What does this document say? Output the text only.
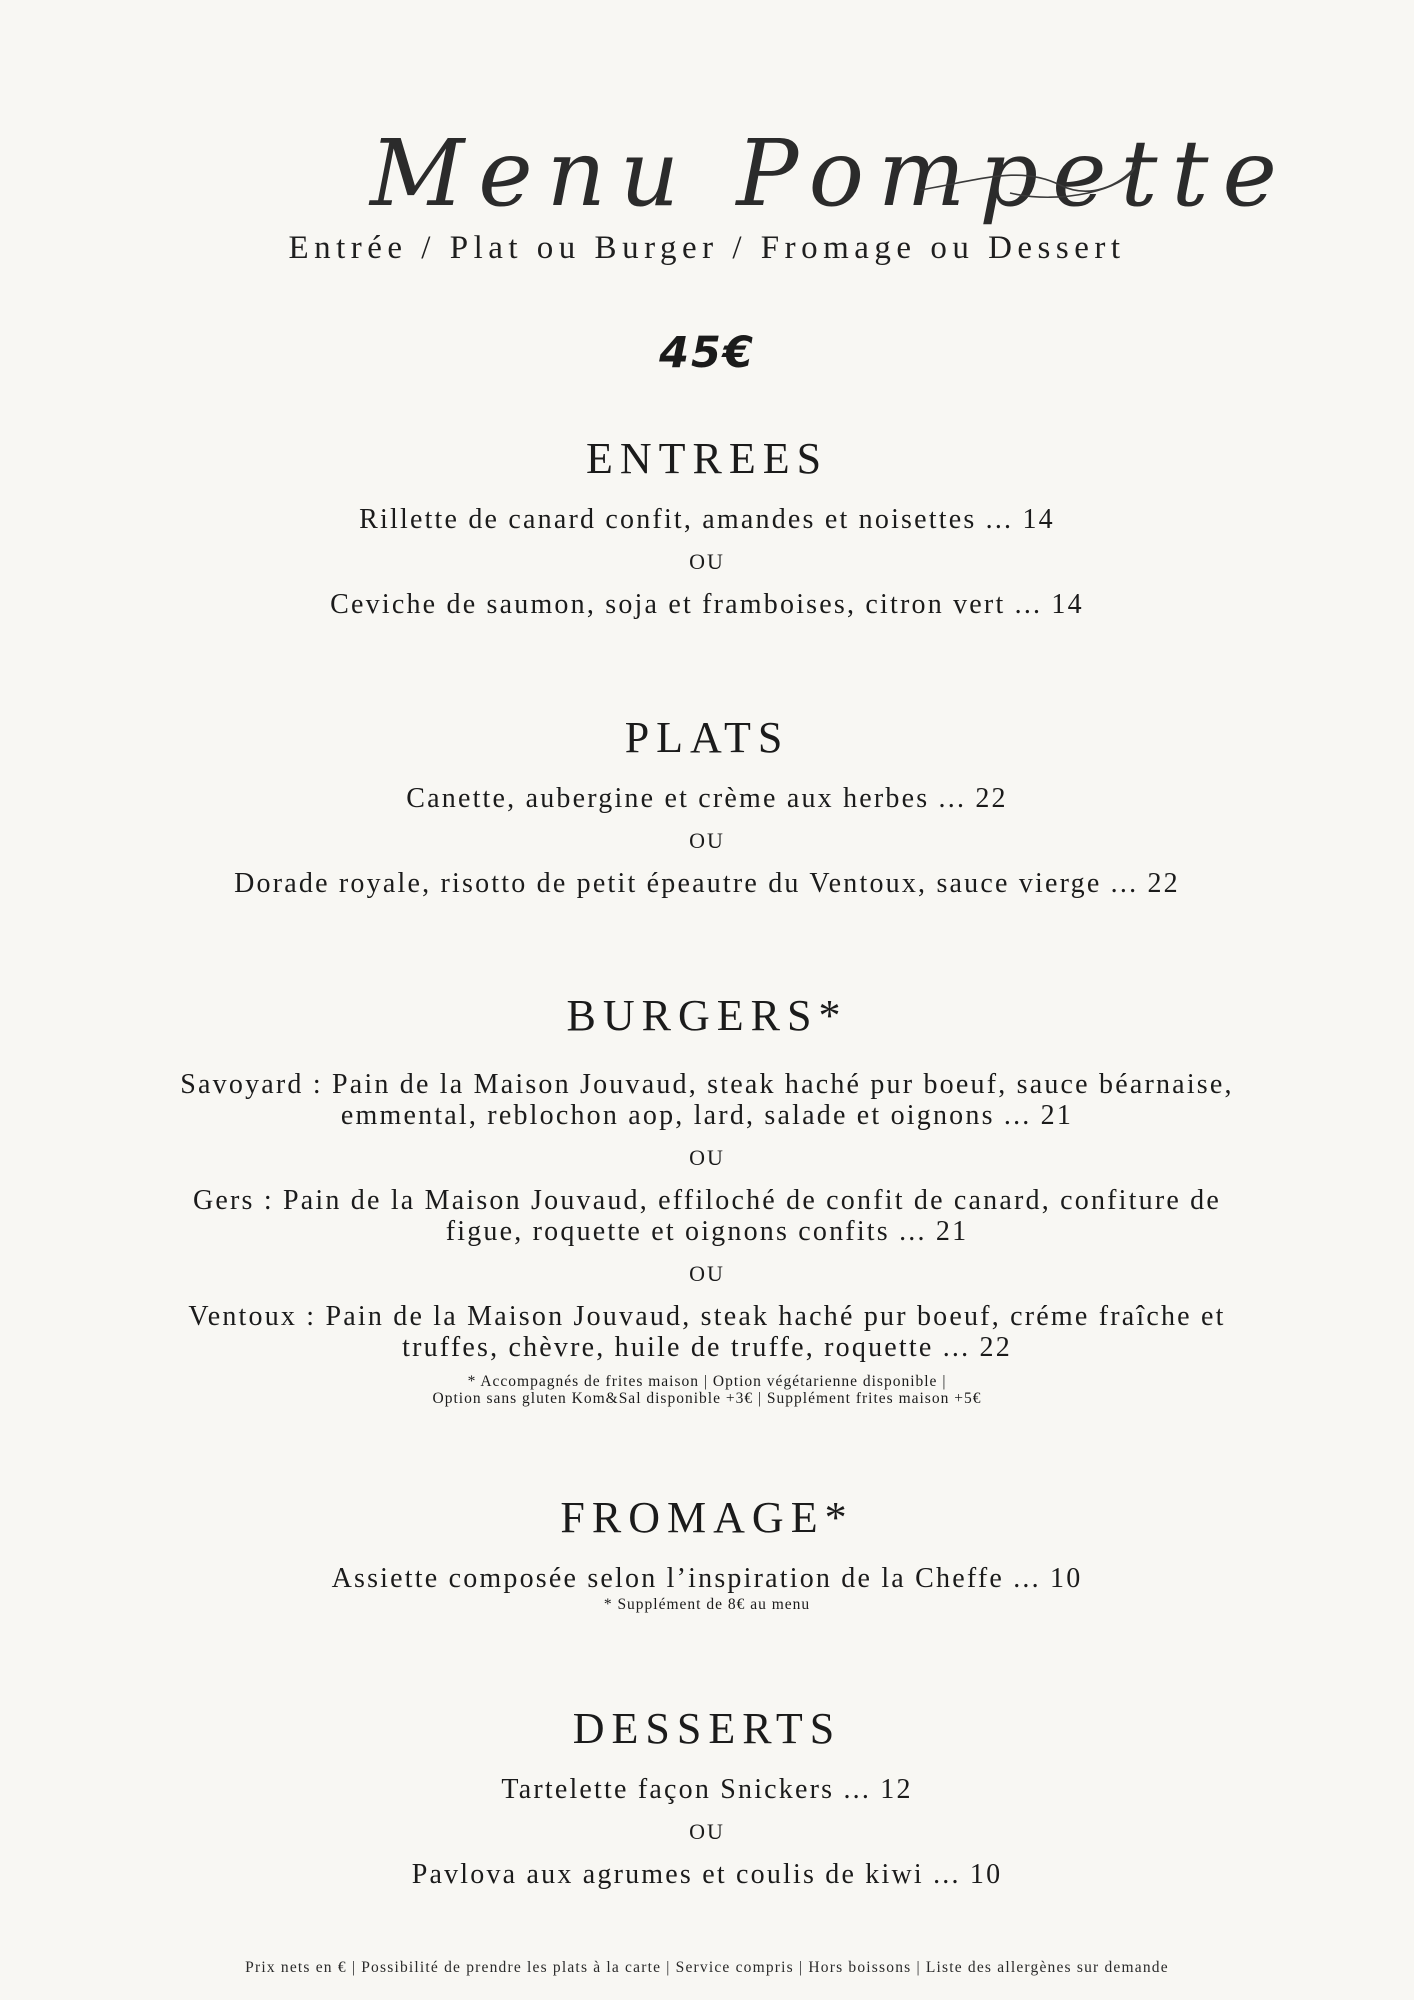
Menu Pompette
Entrée / Plat ou Burger / Fromage ou Dessert
45€
ENTREES
Rillette de canard confit, amandes et noisettes ... 14
OU
Ceviche de saumon, soja et framboises, citron vert ... 14
PLATS
Canette, aubergine et crème aux herbes ... 22
OU
Dorade royale, risotto de petit épeautre du Ventoux, sauce vierge ... 22
BURGERS*
Savoyard : Pain de la Maison Jouvaud, steak haché pur boeuf, sauce béarnaise, emmental, reblochon aop, lard, salade et oignons ... 21
OU
Gers : Pain de la Maison Jouvaud, effiloché de confit de canard, confiture de figue, roquette et oignons confits ... 21
OU
Ventoux : Pain de la Maison Jouvaud, steak haché pur boeuf, créme fraîche et truffes, chèvre, huile de truffe, roquette ... 22
* Accompagnés de frites maison | Option végétarienne disponible |
Option sans gluten Kom&Sal disponible +3€ | Supplément frites maison +5€
FROMAGE*
Assiette composée selon l’inspiration de la Cheffe ... 10
* Supplément de 8€ au menu
DESSERTS
Tartelette façon Snickers ... 12
OU
Pavlova aux agrumes et coulis de kiwi ... 10
Prix nets en € | Possibilité de prendre les plats à la carte | Service compris | Hors boissons | Liste des allergènes sur demande
